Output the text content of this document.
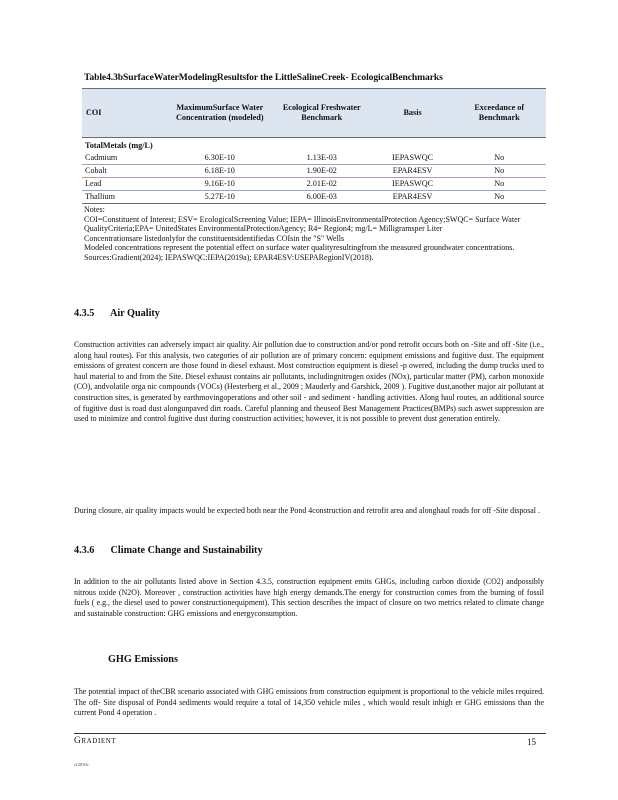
Table4.3bSurfaceWaterModelingResultsfor the LittleSalineCreek- EcologicalBenchmarks
COI	MaximumSurface Water Concentration (modeled)	Ecological Freshwater Benchmark	Basis	Exceedance of Benchmark
TotalMetals (mg/L)				
Cadmium	6.30E-10	1.13E-03	IEPASWQC	No
Cobalt	6.18E-10	1.90E-02	EPAR4ESV	No
Lead	9.16E-10	2.01E-02	IEPASWQC	No
Thallium	5.27E-10	6.00E-03	EPAR4ESV	No

Notes:

COI=Constituent of Interest; ESV= EcologicalScreening Value; IEPA= IllinoisEnvironmentalProtection Agency;SWQC= Surface Water QualityCriteria;EPA= UnitedStates EnvironmentalProtectionAgency; R4= Region4; mg/L= Milligramsper Liter

Concentrationsare listedonlyfor the constituentsidentifiedas COIsin the "S" Wells

Modeled concentrations represent the potential effect on surface water qualityresultingfrom the measured groundwater concentrations.

Sources:Gradient(2024); IEPASWQC:IEPA(2019a); EPAR4ESV:USEPARegionIV(2018).

4.3.5 Air Quality

Construction activities can adversely impact air quality. Air pollution due to construction and/or pond retrofit occurs both on -Site and off -Site (i.e., along haul routes). For this analysis, two categories of air pollution are of primary concern: equipment emissions and fugitive dust. The equipment emissions of greatest concern are those found in diesel exhaust. Most construction equipment is diesel -p owered, including the dump trucks used to haul material to and from the Site. Diesel exhaust contains air pollutants, includingnitrogen oxides (NOx), particular matter (PM), carbon monoxide (CO), andvolatile orga nic compounds (VOCs) (Hesterberg et al., 2009 ; Mauderly and Garshick, 2009 ). Fugitive dust,another major air pollutant at construction sites, is generated by earthmovingoperations and other soil - and sediment - handling activities. Along haul routes, an additional source of fugitive dust is road dust alongunpaved dirt roads. Careful planning and theuseof Best Management Practices(BMPs) such aswet suppression are used to minimize and control fugitive dust during construction activities; however, it is not possible to prevent dust generation entirely.

During closure, air quality impacts would be expected both near the Pond 4construction and retrofit area and alonghaul roads for off -Site disposal .

4.3.6 Climate Change and Sustainability

In addition to the air pollutants listed above in Section 4.3.5, construction equipment emits GHGs, including carbon dioxide (CO2) andpossibly nitrous oxide (N2O). Moreover , construction activities have high energy demands.The energy for construction comes from the burning of fossil fuels ( e.g., the diesel used to power constructionequipment). This section describes the impact of closure on two metrics related to climate change and sustainable construction: GHG emissions and energyconsumption.

GHG Emissions

The potential impact of theCBR scenario associated with GHG emissions from construction equipment is proportional to the vehicle miles required. The off- Site disposal of Pond4 sediments would require a total of 14,350 vehicle miles , which would result inhigh er GHG emissions than the current Pond 4 operation .

Gradient	15
r12030c
